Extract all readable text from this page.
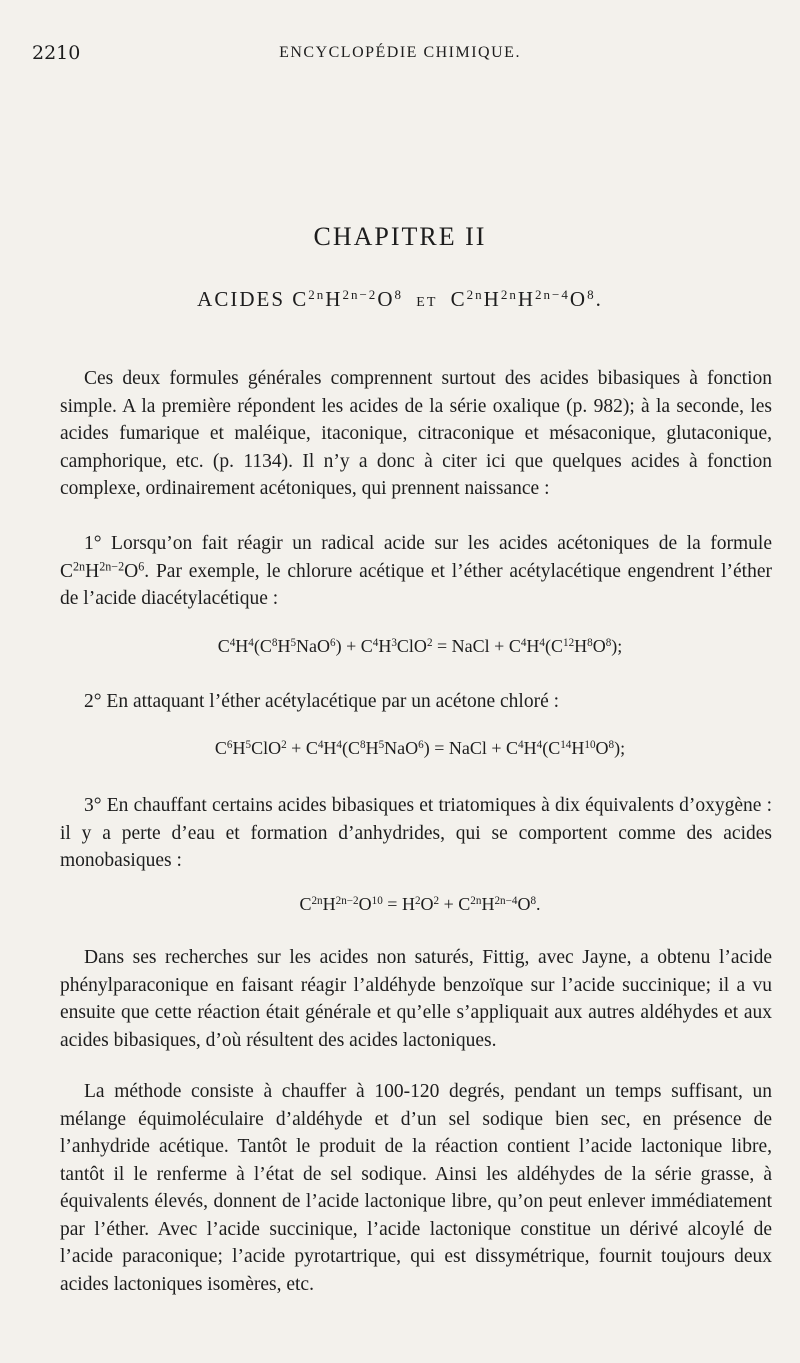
2210	ENCYCLOPÉDIE CHIMIQUE.
CHAPITRE II
ACIDES $C^{2n}H^{2n-2}O^8$ ET $C^{2n}H^{2n}H^{2n-4}O^8$.

Ces deux formules générales comprennent surtout des acides bibasiques à fonction simple. A la première répondent les acides de la série oxalique (p. 982); à la seconde, les acides fumarique et maléique, itaconique, citraconique et mésaconique, glutaconique, camphorique, etc. (p. 1134). Il n’y a donc à citer ici que quelques acides à fonction complexe, ordinairement acétoniques, qui prennent naissance :

1° Lorsqu’on fait réagir un radical acide sur les acides acétoniques de la formule $C^{2n}H^{2n-2}O^6$. Par exemple, le chlorure acétique et l’éther acétylacétique engendrent l’éther de l’acide diacétylacétique :

$C^4H^4(C^8H^5NaO^6) + C^4H^3ClO^2$ = NaCl + $C^4H^4(C^{12}H^8O^8)$;

2° En attaquant l’éther acétylacétique par un acétone chloré :

$C^6H^5ClO^2 + C^4H^4(C^8H^5NaO^6)$ = NaCl + $C^4H^4(C^{14}H^{10}O^8)$;

3° En chauffant certains acides bibasiques et triatomiques à dix équivalents d’oxygène : il y a perte d’eau et formation d’anhydrides, qui se comportent comme des acides monobasiques :

$C^{2n}H^{2n-2}O^{10} = H^2O^2 + C^{2n}H^{2n-4}O^8$.

Dans ses recherches sur les acides non saturés, Fittig, avec Jayne, a obtenu l’acide phénylparaconique en faisant réagir l’aldéhyde benzoïque sur l’acide succinique; il a vu ensuite que cette réaction était générale et qu’elle s’appliquait aux autres aldéhydes et aux acides bibasiques, d’où résultent des acides lactoniques.

La méthode consiste à chauffer à 100-120 degrés, pendant un temps suffisant, un mélange équimoléculaire d’aldéhyde et d’un sel sodique bien sec, en présence de l’anhydride acétique. Tantôt le produit de la réaction contient l’acide lactonique libre, tantôt il le renferme à l’état de sel sodique. Ainsi les aldéhydes de la série grasse, à équivalents élevés, donnent de l’acide lactonique libre, qu’on peut enlever immédiatement par l’éther. Avec l’acide succinique, l’acide lactonique constitue un dérivé alcoylé de l’acide paraconique; l’acide pyrotartrique, qui est dissymétrique, fournit toujours deux acides lactoniques isomères, etc.
